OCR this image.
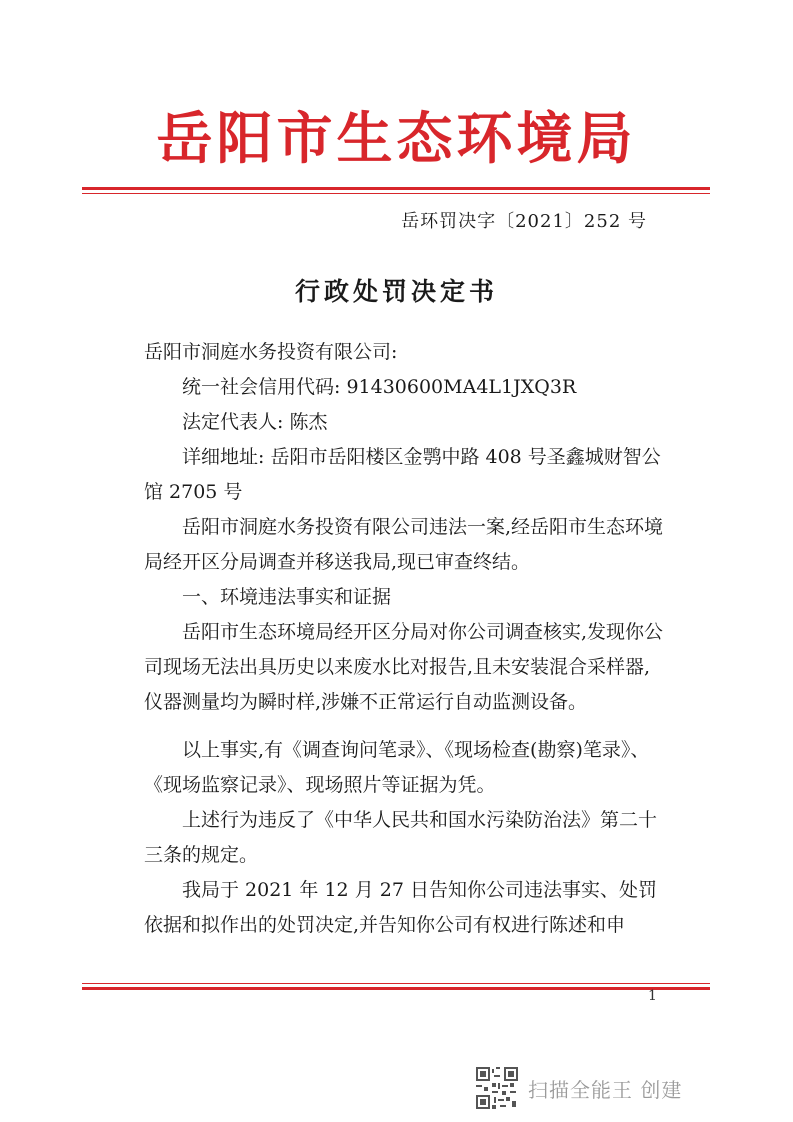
岳阳市生态环境局
岳环罚决字〔2021〕252 号
行政处罚决定书

岳阳市洞庭水务投资有限公司:

统一社会信用代码: 91430600MA4L1JXQ3R

法定代表人: 陈杰

详细地址: 岳阳市岳阳楼区金鹗中路 408 号圣鑫城财智公馆 2705 号

岳阳市洞庭水务投资有限公司违法一案,经岳阳市生态环境局经开区分局调查并移送我局,现已审查终结。

一、环境违法事实和证据

岳阳市生态环境局经开区分局对你公司调查核实,发现你公司现场无法出具历史以来废水比对报告,且未安装混合采样器,仪器测量均为瞬时样,涉嫌不正常运行自动监测设备。

以上事实,有《调查询问笔录》、《现场检查(勘察)笔录》、《现场监察记录》、现场照片等证据为凭。

上述行为违反了《中华人民共和国水污染防治法》第二十三条的规定。

我局于 2021 年 12 月 27 日告知你公司违法事实、处罚依据和拟作出的处罚决定,并告知你公司有权进行陈述和申

1
扫描全能王 创建
